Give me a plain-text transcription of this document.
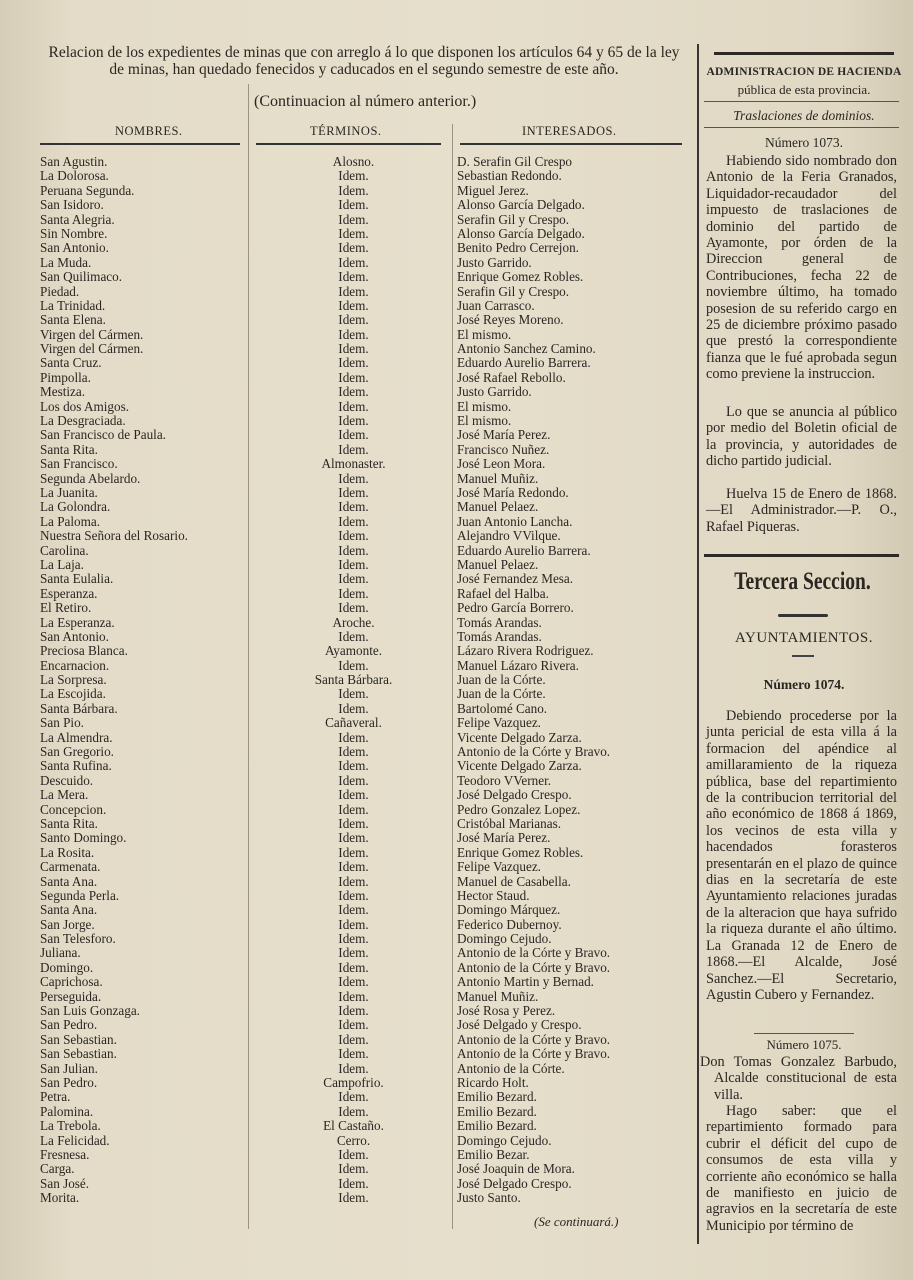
Relacion de los expedientes de minas que con arreglo á lo que disponen los artículos 64 y 65 de la ley de minas, han quedado fenecidos y caducados en el segundo semestre de este año.

(Continuacion al número anterior.)

NOMBRES.	TÉRMINOS.	INTERESADOS.

San Agustin.
La Dolorosa.
Peruana Segunda.
San Isidoro.
Santa Alegria.
Sin Nombre.
San Antonio.
La Muda.
San Quilimaco.
Piedad.
La Trinidad.
Santa Elena.
Virgen del Cármen.
Virgen del Cármen.
Santa Cruz.
Pimpolla.
Mestiza.
Los dos Amigos.
La Desgraciada.
San Francisco de Paula.
Santa Rita.
San Francisco.
Segunda Abelardo.
La Juanita.
La Golondra.
La Paloma.
Nuestra Señora del Rosario.
Carolina.
La Laja.
Santa Eulalia.
Esperanza.
El Retiro.
La Esperanza.
San Antonio.
Preciosa Blanca.
Encarnacion.
La Sorpresa.
La Escojida.
Santa Bárbara.
San Pio.
La Almendra.
San Gregorio.
Santa Rufina.
Descuido.
La Mera.
Concepcion.
Santa Rita.
Santo Domingo.
La Rosita.
Carmenata.
Santa Ana.
Segunda Perla.
Santa Ana.
San Jorge.
San Telesforo.
Juliana.
Domingo.
Caprichosa.
Perseguida.
San Luis Gonzaga.
San Pedro.
San Sebastian.
San Sebastian.
San Julian.
San Pedro.
Petra.
Palomina.
La Trebola.
La Felicidad.
Fresnesa.
Carga.
San José.
Morita.
Alosno.
Idem.
Idem.
Idem.
Idem.
Idem.
Idem.
Idem.
Idem.
Idem.
Idem.
Idem.
Idem.
Idem.
Idem.
Idem.
Idem.
Idem.
Idem.
Idem.
Idem.
Almonaster.
Idem.
Idem.
Idem.
Idem.
Idem.
Idem.
Idem.
Idem.
Idem.
Idem.
Aroche.
Idem.
Ayamonte.
Idem.
Santa Bárbara.
Idem.
Idem.
Cañaveral.
Idem.
Idem.
Idem.
Idem.
Idem.
Idem.
Idem.
Idem.
Idem.
Idem.
Idem.
Idem.
Idem.
Idem.
Idem.
Idem.
Idem.
Idem.
Idem.
Idem.
Idem.
Idem.
Idem.
Idem.
Campofrio.
Idem.
Idem.
El Castaño.
Cerro.
Idem.
Idem.
Idem.
Idem.
D. Serafin Gil Crespo
Sebastian Redondo.
Miguel Jerez.
Alonso García Delgado.
Serafin Gil y Crespo.
Alonso García Delgado.
Benito Pedro Cerrejon.
Justo Garrido.
Enrique Gomez Robles.
Serafin Gil y Crespo.
Juan Carrasco.
José Reyes Moreno.
El mismo.
Antonio Sanchez Camino.
Eduardo Aurelio Barrera.
José Rafael Rebollo.
Justo Garrido.
El mismo.
El mismo.
José María Perez.
Francisco Nuñez.
José Leon Mora.
Manuel Muñiz.
José María Redondo.
Manuel Pelaez.
Juan Antonio Lancha.
Alejandro VVilque.
Eduardo Aurelio Barrera.
Manuel Pelaez.
José Fernandez Mesa.
Rafael del Halba.
Pedro García Borrero.
Tomás Arandas.
Tomás Arandas.
Lázaro Rivera Rodriguez.
Manuel Lázaro Rivera.
Juan de la Córte.
Juan de la Córte.
Bartolomé Cano.
Felipe Vazquez.
Vicente Delgado Zarza.
Antonio de la Córte y Bravo.
Vicente Delgado Zarza.
Teodoro VVerner.
José Delgado Crespo.
Pedro Gonzalez Lopez.
Cristóbal Marianas.
José María Perez.
Enrique Gomez Robles.
Felipe Vazquez.
Manuel de Casabella.
Hector Staud.
Domingo Márquez.
Federico Dubernoy.
Domingo Cejudo.
Antonio de la Córte y Bravo.
Antonio de la Córte y Bravo.
Antonio Martin y Bernad.
Manuel Muñiz.
José Rosa y Perez.
José Delgado y Crespo.
Antonio de la Córte y Bravo.
Antonio de la Córte y Bravo.
Antonio de la Córte.
Ricardo Holt.
Emilio Bezard.
Emilio Bezard.
Emilio Bezard.
Domingo Cejudo.
Emilio Bezar.
José Joaquin de Mora.
José Delgado Crespo.
Justo Santo.

(Se continuará.)

ADMINISTRACION DE HACIENDA

pública de esta provincia.

Traslaciones de dominios.

Número 1073.

Habiendo sido nombrado don Antonio de la Feria Granados, Liquidador-recaudador del impuesto de traslaciones de dominio del partido de Ayamonte, por órden de la Direccion general de Contribuciones, fecha 22 de noviembre último, ha tomado posesion de su referido cargo en 25 de diciembre próximo pasado que prestó la correspondiente fianza que le fué aprobada segun como previene la instruccion.

Lo que se anuncia al público por medio del Boletin oficial de la provincia, y autoridades de dicho partido judicial.

Huelva 15 de Enero de 1868.—El Administrador.—P. O., Rafael Piqueras.

Tercera Seccion.

AYUNTAMIENTOS.

Número 1074.

Debiendo procederse por la junta pericial de esta villa á la formacion del apéndice al amillaramiento de la riqueza pública, base del repartimiento de la contribucion territorial del año económico de 1868 á 1869, los vecinos de esta villa y hacendados forasteros presentarán en el plazo de quince dias en la secretaría de este Ayuntamiento relaciones juradas de la alteracion que haya sufrido la riqueza durante el año último. La Granada 12 de Enero de 1868.—El Alcalde, José Sanchez.—El Secretario, Agustin Cubero y Fernandez.

Número 1075.

Don Tomas Gonzalez Barbudo, Alcalde constitucional de esta villa.

Hago saber: que el repartimiento formado para cubrir el déficit del cupo de consumos de esta villa y corriente año económico se halla de manifiesto en juicio de agravios en la secretaría de este Municipio por término de
